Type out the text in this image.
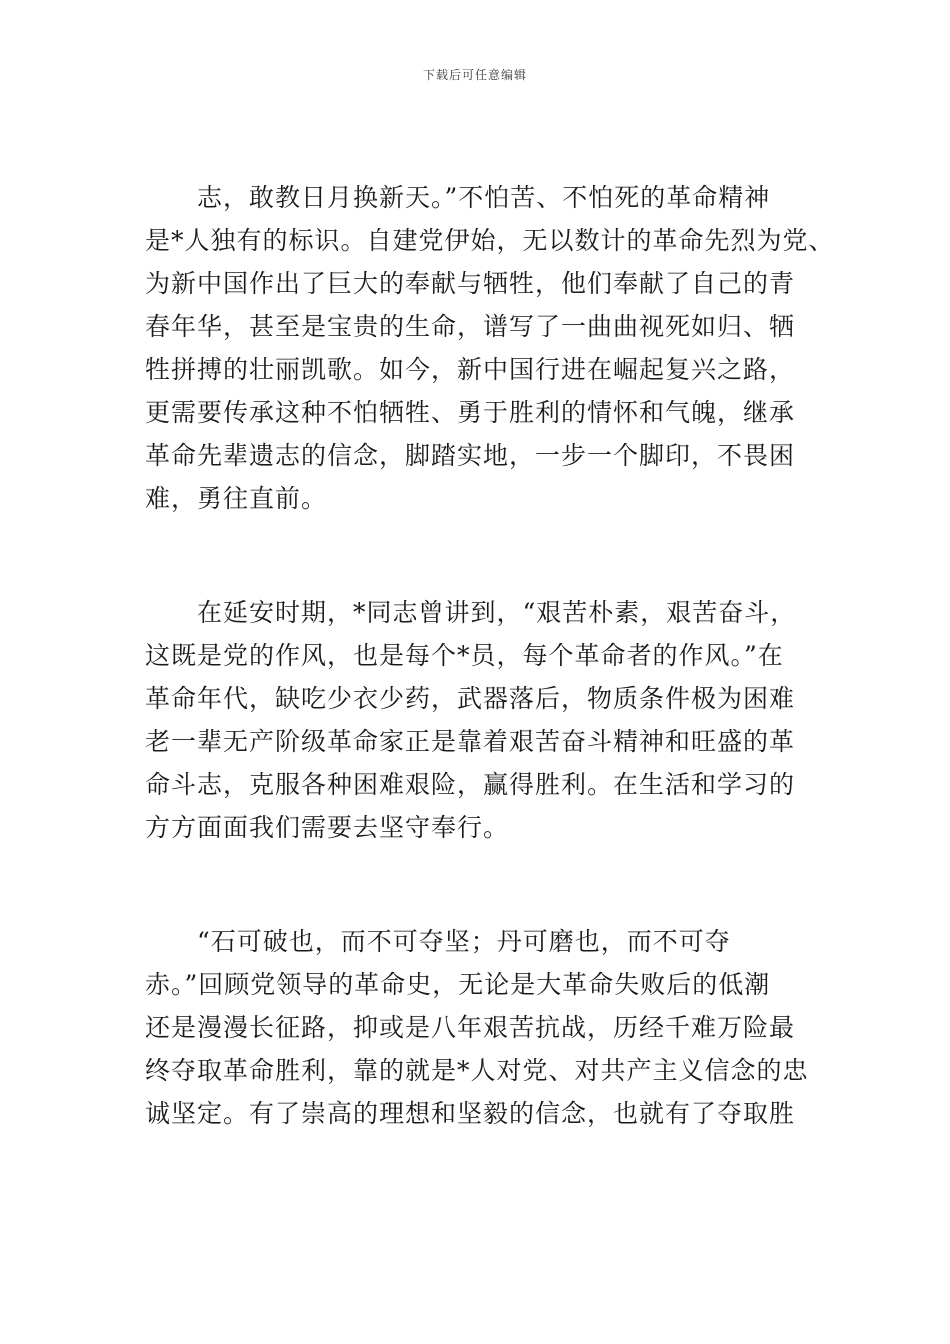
下载后可任意编辑
　　志，敢教日月换新天。”不怕苦、不怕死的革命精神
是*人独有的标识。自建党伊始，无以数计的革命先烈为党、
为新中国作出了巨大的奉献与牺牲，他们奉献了自己的青
春年华，甚至是宝贵的生命，谱写了一曲曲视死如归、牺
牲拼搏的壮丽凯歌。如今，新中国行进在崛起复兴之路，
更需要传承这种不怕牺牲、勇于胜利的情怀和气魄，继承
革命先辈遗志的信念，脚踏实地，一步一个脚印，不畏困
难，勇往直前。
　　在延安时期，*同志曾讲到，“艰苦朴素，艰苦奋斗，
这既是党的作风，也是每个*员，每个革命者的作风。”在
革命年代，缺吃少衣少药，武器落后，物质条件极为困难
老一辈无产阶级革命家正是靠着艰苦奋斗精神和旺盛的革
命斗志，克服各种困难艰险，赢得胜利。在生活和学习的
方方面面我们需要去坚守奉行。
　　“石可破也，而不可夺坚；丹可磨也，而不可夺
赤。”回顾党领导的革命史，无论是大革命失败后的低潮
还是漫漫长征路，抑或是八年艰苦抗战，历经千难万险最
终夺取革命胜利，靠的就是*人对党、对共产主义信念的忠
诚坚定。有了崇高的理想和坚毅的信念，也就有了夺取胜
